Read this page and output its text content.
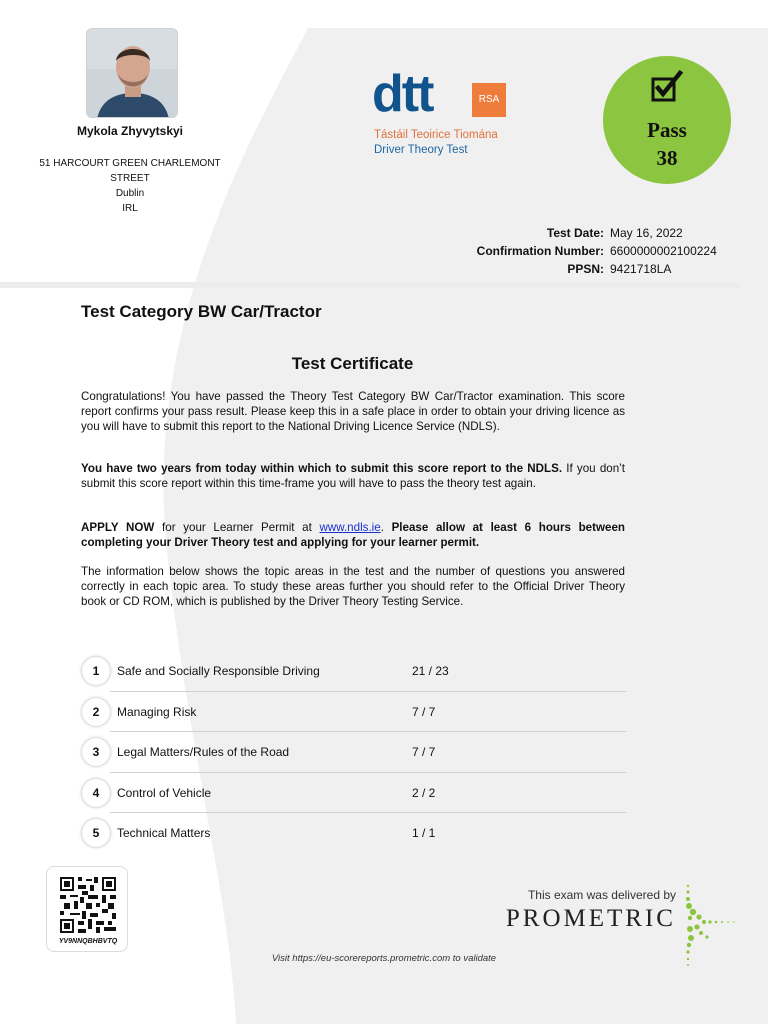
Mykola Zhyvytskyi
51 HARCOURT GREEN CHARLEMONT
STREET
Dublin
IRL
dtt	RSA
Tástáil Teoirice Tiomána
Driver Theory Test
Pass
38
Test Date: May 16, 2022
Confirmation Number: 6600000002100224
PPSN: 9421718LA
Test Category BW Car/Tractor
Test Certificate
Congratulations! You have passed the Theory Test Category BW Car/Tractor examination. This score report confirms your pass result. Please keep this in a safe place in order to obtain your driving licence as you will have to submit this report to the National Driving Licence Service (NDLS).
You have two years from today within which to submit this score report to the NDLS. If you don’t submit this score report within this time-frame you will have to pass the theory test again.
APPLY NOW for your Learner Permit at www.ndls.ie. Please allow at least 6 hours between completing your Driver Theory test and applying for your learner permit.
The information below shows the topic areas in the test and the number of questions you answered correctly in each topic area. To study these areas further you should refer to the Official Driver Theory book or CD ROM, which is published by the Driver Theory Testing Service.
1	Safe and Socially Responsible Driving	21 / 23
2	Managing Risk	7 / 7
3	Legal Matters/Rules of the Road	7 / 7
4	Control of Vehicle	2 / 2
5	Technical Matters	1 / 1
YV9NNQBHBVTQ
This exam was delivered by
PROMETRIC
Visit https://eu-scorereports.prometric.com to validate
